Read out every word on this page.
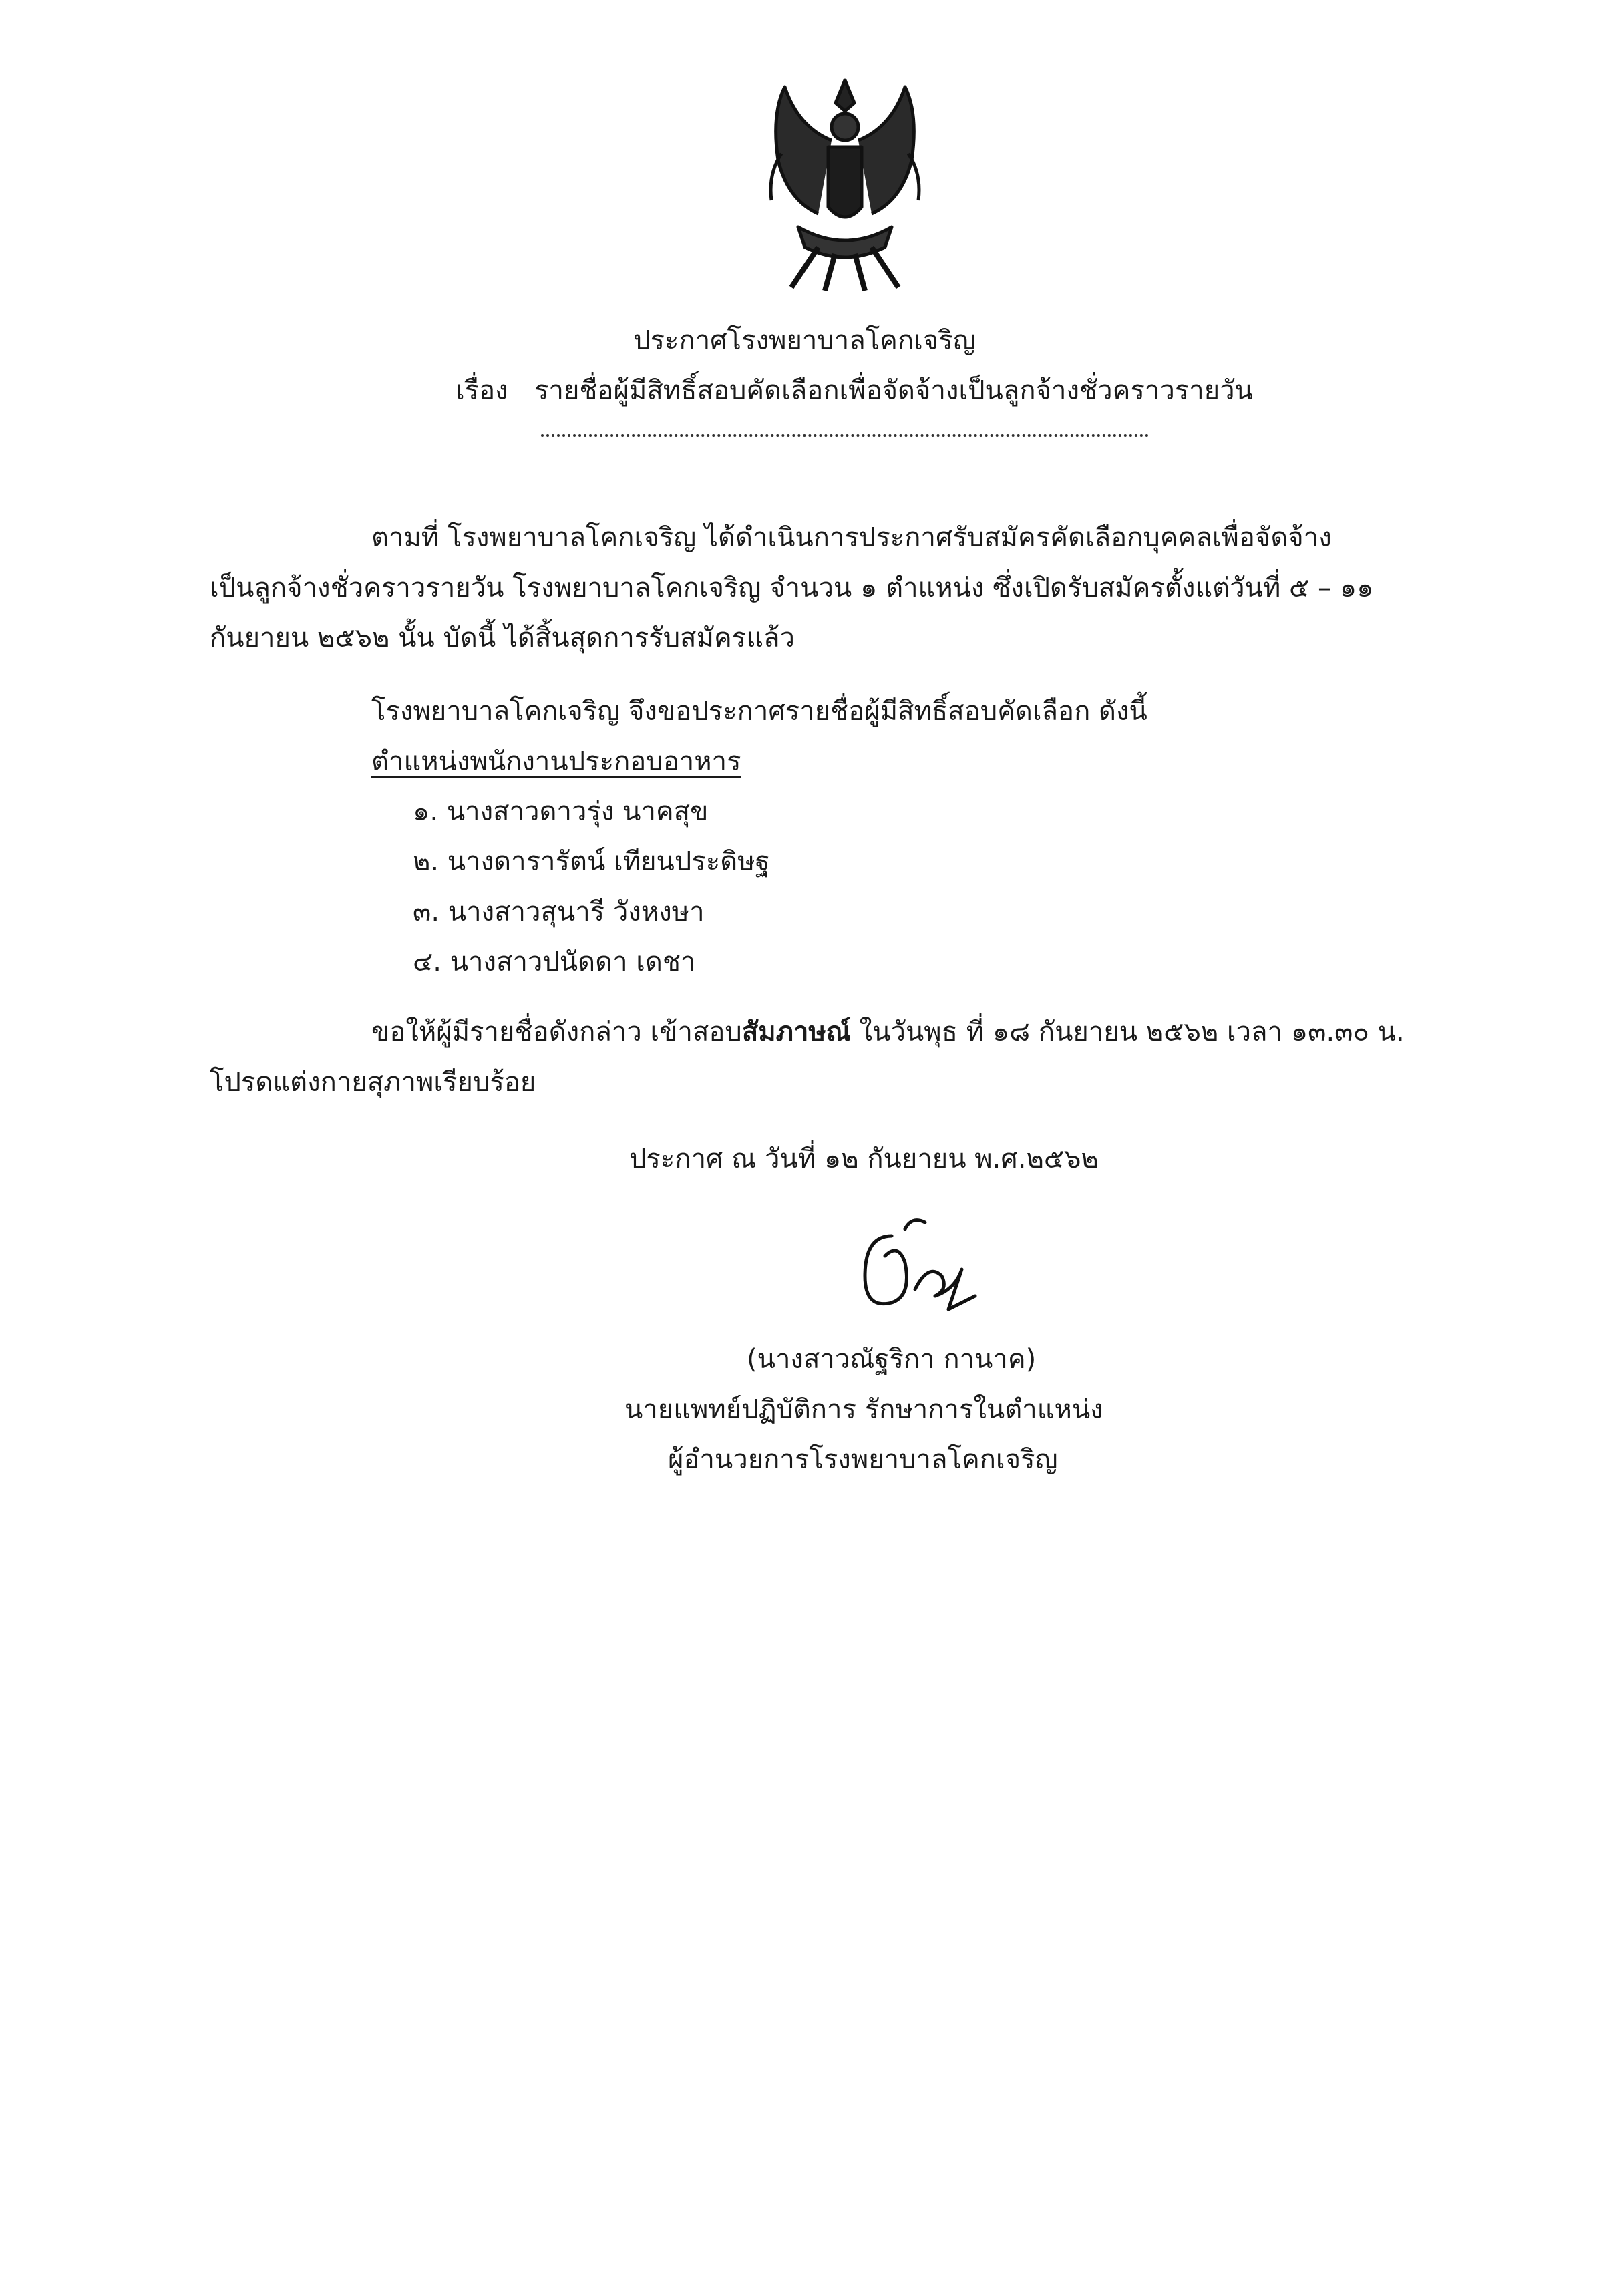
ประกาศโรงพยาบาลโคกเจริญ
เรื่อง รายชื่อผู้มีสิทธิ์สอบคัดเลือกเพื่อจัดจ้างเป็นลูกจ้างชั่วคราวรายวัน
ตามที่ โรงพยาบาลโคกเจริญ ได้ดำเนินการประกาศรับสมัครคัดเลือกบุคคลเพื่อจัดจ้าง
เป็นลูกจ้างชั่วคราวรายวัน โรงพยาบาลโคกเจริญ จำนวน ๑ ตำแหน่ง ซึ่งเปิดรับสมัครตั้งแต่วันที่ ๕ – ๑๑
กันยายน ๒๕๖๒ นั้น บัดนี้ ได้สิ้นสุดการรับสมัครแล้ว
โรงพยาบาลโคกเจริญ จึงขอประกาศรายชื่อผู้มีสิทธิ์สอบคัดเลือก ดังนี้
ตำแหน่งพนักงานประกอบอาหาร
๑. นางสาวดาวรุ่ง นาคสุข
๒. นางดารารัตน์ เทียนประดิษฐ
๓. นางสาวสุนารี วังหงษา
๔. นางสาวปนัดดา เดชา
ขอให้ผู้มีรายชื่อดังกล่าว เข้าสอบสัมภาษณ์ ในวันพุธ ที่ ๑๘ กันยายน ๒๕๖๒ เวลา ๑๓.๓๐ น.
โปรดแต่งกายสุภาพเรียบร้อย
ประกาศ ณ วันที่ ๑๒ กันยายน พ.ศ.๒๕๖๒
(นางสาวณัฐริกา กานาค)
นายแพทย์ปฏิบัติการ รักษาการในตำแหน่ง
ผู้อำนวยการโรงพยาบาลโคกเจริญ
